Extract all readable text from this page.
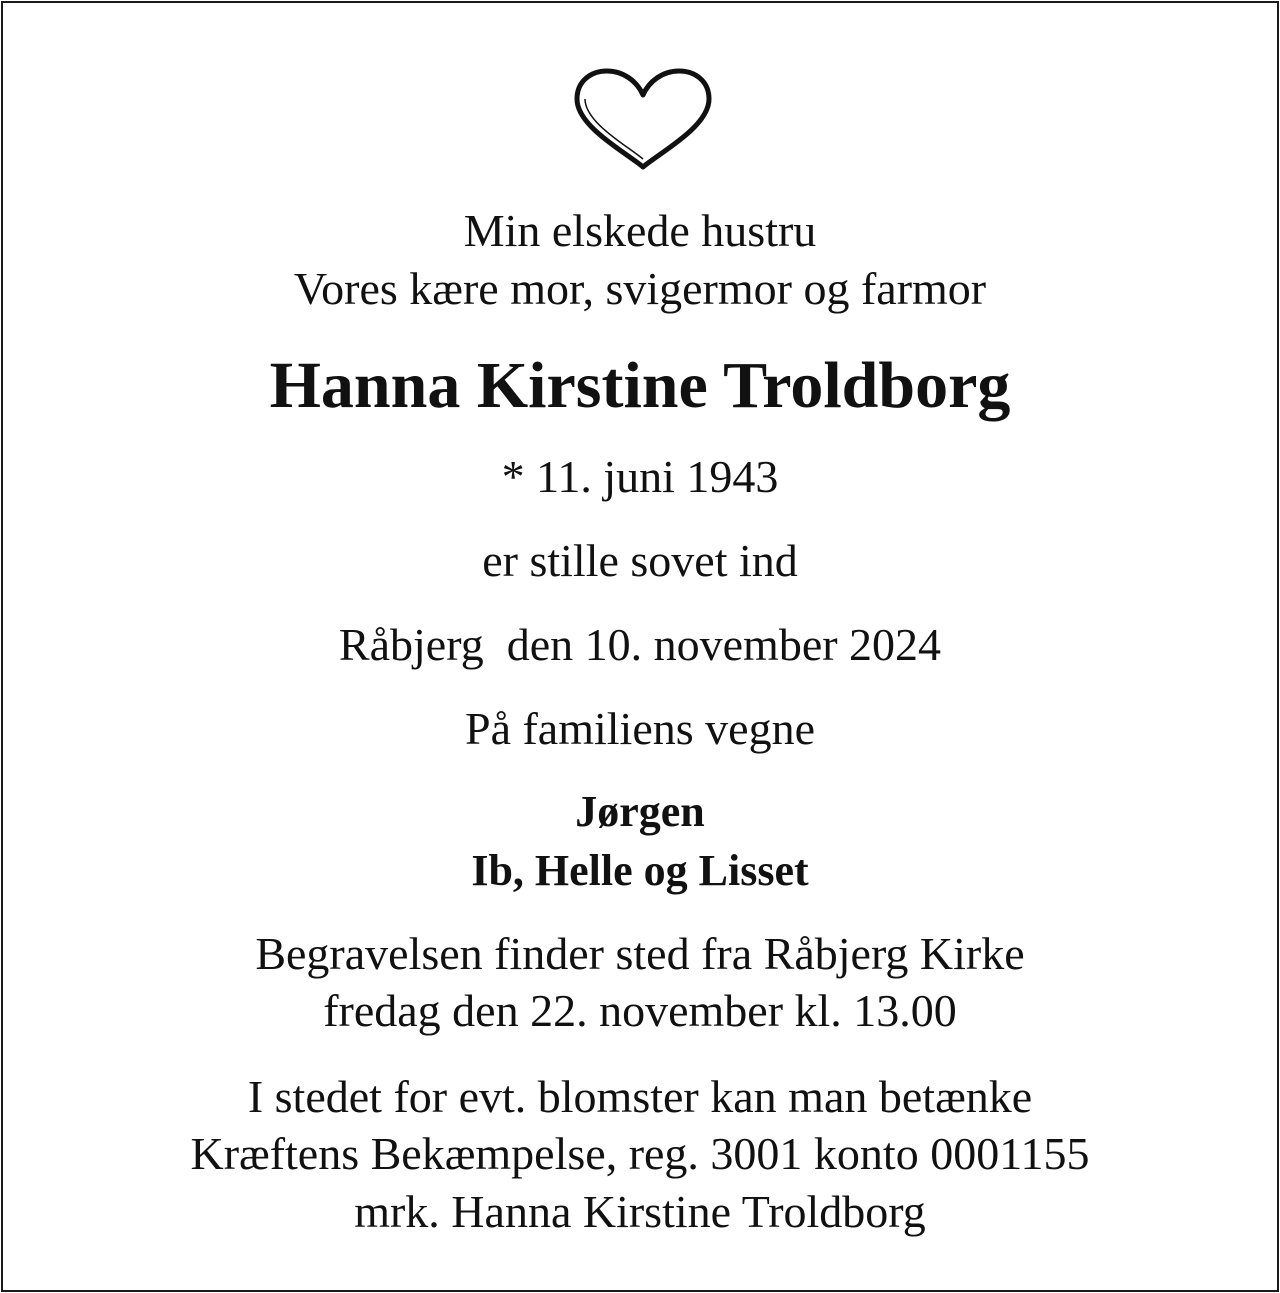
Min elskede hustru
Vores kære mor, svigermor og farmor
Hanna Kirstine Troldborg
* 11. juni 1943
er stille sovet ind
Råbjerg  den 10. november 2024
På familiens vegne
Jørgen
Ib, Helle og Lisset
Begravelsen finder sted fra Råbjerg Kirke
fredag den 22. november kl. 13.00
I stedet for evt. blomster kan man betænke
Kræftens Bekæmpelse, reg. 3001 konto 0001155
mrk. Hanna Kirstine Troldborg
